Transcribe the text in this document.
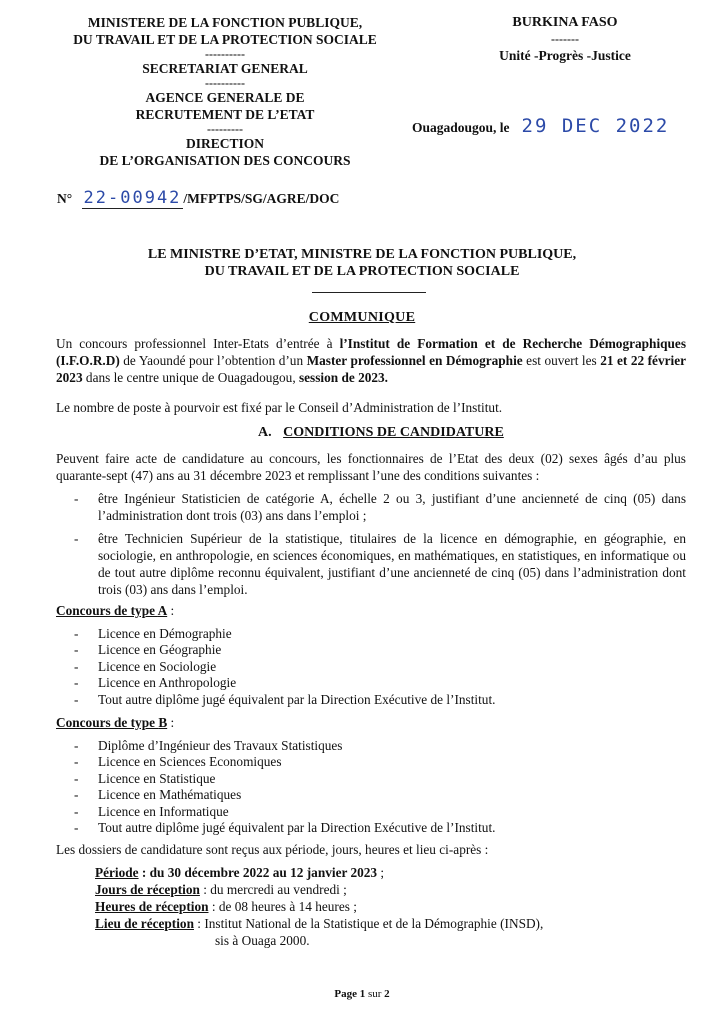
MINISTERE DE LA FONCTION PUBLIQUE,
DU TRAVAIL ET DE LA PROTECTION SOCIALE
----------
SECRETARIAT GENERAL
----------
AGENCE GENERALE DE
RECRUTEMENT DE L’ETAT
---------
DIRECTION
DE L’ORGANISATION DES CONCOURS
N° 22-00942 /MFPTPS/SG/AGRE/DOC
BURKINA FASO
-------
Unité -Progrès -Justice
Ouagadougou, le 29 DEC 2022
LE MINISTRE D’ETAT, MINISTRE DE LA FONCTION PUBLIQUE,
DU TRAVAIL ET DE LA PROTECTION SOCIALE
COMMUNIQUE
Un concours professionnel Inter-Etats d’entrée à l’Institut de Formation et de Recherche Démographiques (I.F.O.R.D) de Yaoundé pour l’obtention d’un Master professionnel en Démographie est ouvert les 21 et 22 février 2023 dans le centre unique de Ouagadougou, session de 2023.
Le nombre de poste à pourvoir est fixé par le Conseil d’Administration de l’Institut.
A. CONDITIONS DE CANDIDATURE
Peuvent faire acte de candidature au concours, les fonctionnaires de l’Etat des deux (02) sexes âgés d’au plus quarante-sept (47) ans au 31 décembre 2023 et remplissant l’une des conditions suivantes :
-	être Ingénieur Statisticien de catégorie A, échelle 2 ou 3, justifiant d’une ancienneté de cinq (05) dans l’administration dont trois (03) ans dans l’emploi ;
-	être Technicien Supérieur de la statistique, titulaires de la licence en démographie, en géographie, en sociologie, en anthropologie, en sciences économiques, en mathématiques, en statistiques, en informatique ou de tout autre diplôme reconnu équivalent, justifiant d’une ancienneté de cinq (05) dans l’administration dont trois (03) ans dans l’emploi.
Concours de type A :
- Licence en Démographie
- Licence en Géographie
- Licence en Sociologie
- Licence en Anthropologie
- Tout autre diplôme jugé équivalent par la Direction Exécutive de l’Institut.
Concours de type B :
- Diplôme d’Ingénieur des Travaux Statistiques
- Licence en Sciences Economiques
- Licence en Statistique
- Licence en Mathématiques
- Licence en Informatique
- Tout autre diplôme jugé équivalent par la Direction Exécutive de l’Institut.
Les dossiers de candidature sont reçus aux période, jours, heures et lieu ci-après :
Période : du 30 décembre 2022 au 12 janvier 2023 ;
Jours de réception : du mercredi au vendredi ;
Heures de réception : de 08 heures à 14 heures ;
Lieu de réception : Institut National de la Statistique et de la Démographie (INSD),
sis à Ouaga 2000.
Page 1 sur 2
